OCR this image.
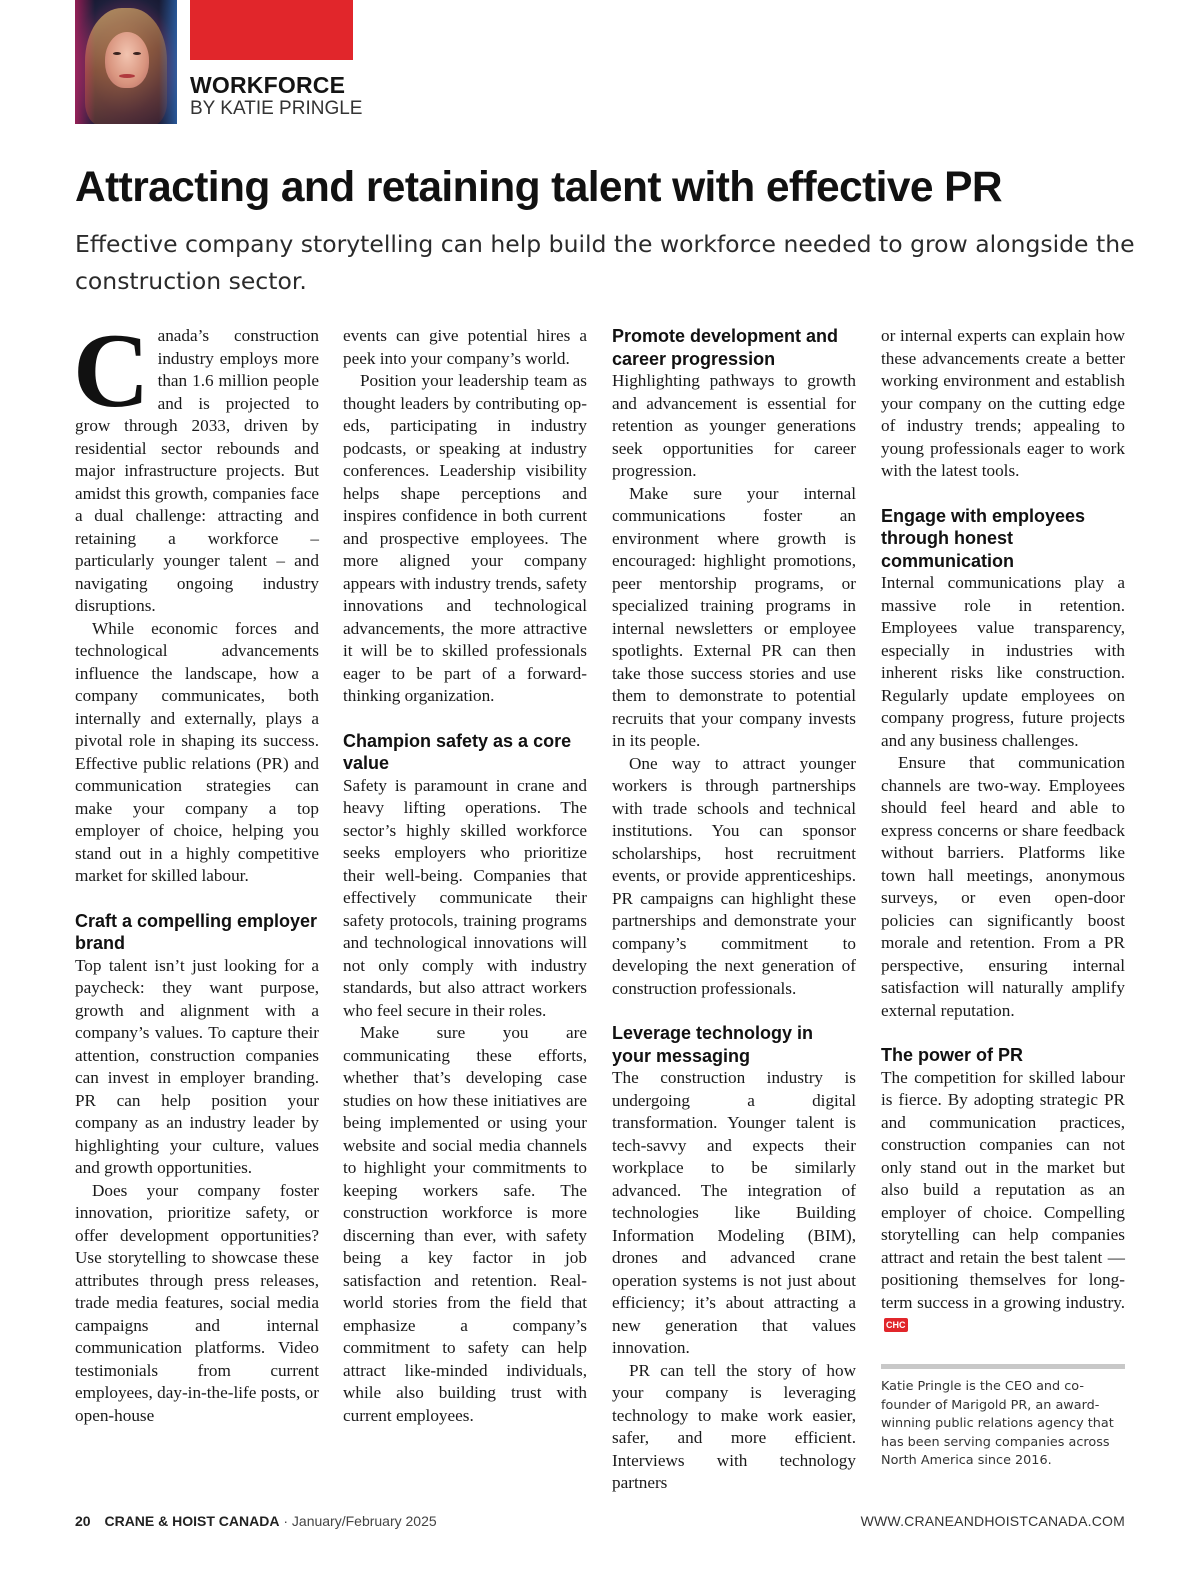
WORKFORCE
BY KATIE PRINGLE
Attracting and retaining talent with effective PR

Effective company storytelling can help build the workforce needed to grow alongside the construction sector.

Canada’s construction industry employs more than 1.6 million people and is projected to grow through 2033, driven by residential sector rebounds and major infrastructure projects. But amidst this growth, companies face a dual challenge: attracting and retaining a workforce – particularly younger talent – and navigating ongoing industry disruptions.

While economic forces and technological advancements influence the landscape, how a company communicates, both internally and externally, plays a pivotal role in shaping its success. Effective public relations (PR) and communication strategies can make your company a top employer of choice, helping you stand out in a highly competitive market for skilled labour.

Craft a compelling employer brand

Top talent isn’t just looking for a paycheck: they want purpose, growth and alignment with a company’s values. To capture their attention, construction companies can invest in employer branding. PR can help position your company as an industry leader by highlighting your culture, values and growth opportunities.

Does your company foster innovation, prioritize safety, or offer development opportunities? Use storytelling to showcase these attributes through press releases, trade media features, social media campaigns and internal communication platforms. Video testimonials from current employees, day-in-the-life posts, or open-house

events can give potential hires a peek into your company’s world.

Position your leadership team as thought leaders by contributing op-eds, participating in industry podcasts, or speaking at industry conferences. Leadership visibility helps shape perceptions and inspires confidence in both current and prospective employees. The more aligned your company appears with industry trends, safety innovations and technological advancements, the more attractive it will be to skilled professionals eager to be part of a forward-thinking organization.

Champion safety as a core value

Safety is paramount in crane and heavy lifting operations. The sector’s highly skilled workforce seeks employers who prioritize their well-being. Companies that effectively communicate their safety protocols, training programs and technological innovations will not only comply with industry standards, but also attract workers who feel secure in their roles.

Make sure you are communicating these efforts, whether that’s developing case studies on how these initiatives are being implemented or using your website and social media channels to highlight your commitments to keeping workers safe. The construction workforce is more discerning than ever, with safety being a key factor in job satisfaction and retention. Real-world stories from the field that emphasize a company’s commitment to safety can help attract like-minded individuals, while also building trust with current employees.

Promote development and career progression

Highlighting pathways to growth and advancement is essential for retention as younger generations seek opportunities for career progression.

Make sure your internal communications foster an environment where growth is encouraged: highlight promotions, peer mentorship programs, or specialized training programs in internal newsletters or employee spotlights. External PR can then take those success stories and use them to demonstrate to potential recruits that your company invests in its people.

One way to attract younger workers is through partnerships with trade schools and technical institutions. You can sponsor scholarships, host recruitment events, or provide apprenticeships. PR campaigns can highlight these partnerships and demonstrate your company’s commitment to developing the next generation of construction professionals.

Leverage technology in your messaging

The construction industry is undergoing a digital transformation. Younger talent is tech-savvy and expects their workplace to be similarly advanced. The integration of technologies like Building Information Modeling (BIM), drones and advanced crane operation systems is not just about efficiency; it’s about attracting a new generation that values innovation.

PR can tell the story of how your company is leveraging technology to make work easier, safer, and more efficient. Interviews with technology partners

or internal experts can explain how these advancements create a better working environment and establish your company on the cutting edge of industry trends; appealing to young professionals eager to work with the latest tools.

Engage with employees through honest communication

Internal communications play a massive role in retention. Employees value transparency, especially in industries with inherent risks like construction. Regularly update employees on company progress, future projects and any business challenges.

Ensure that communication channels are two-way. Employees should feel heard and able to express concerns or share feedback without barriers. Platforms like town hall meetings, anonymous surveys, or even open-door policies can significantly boost morale and retention. From a PR perspective, ensuring internal satisfaction will naturally amplify external reputation.

The power of PR

The competition for skilled labour is fierce. By adopting strategic PR and communication practices, construction companies can not only stand out in the market but also build a reputation as an employer of choice. Compelling storytelling can help companies attract and retain the best talent — positioning themselves for long-term success in a growing industry.CHC

Katie Pringle is the CEO and co-founder of Marigold PR, an award-winning public relations agency that has been serving companies across North America since 2016.

20 CRANE & HOIST CANADA · January/February 2025	WWW.CRANEANDHOISTCANADA.COM
